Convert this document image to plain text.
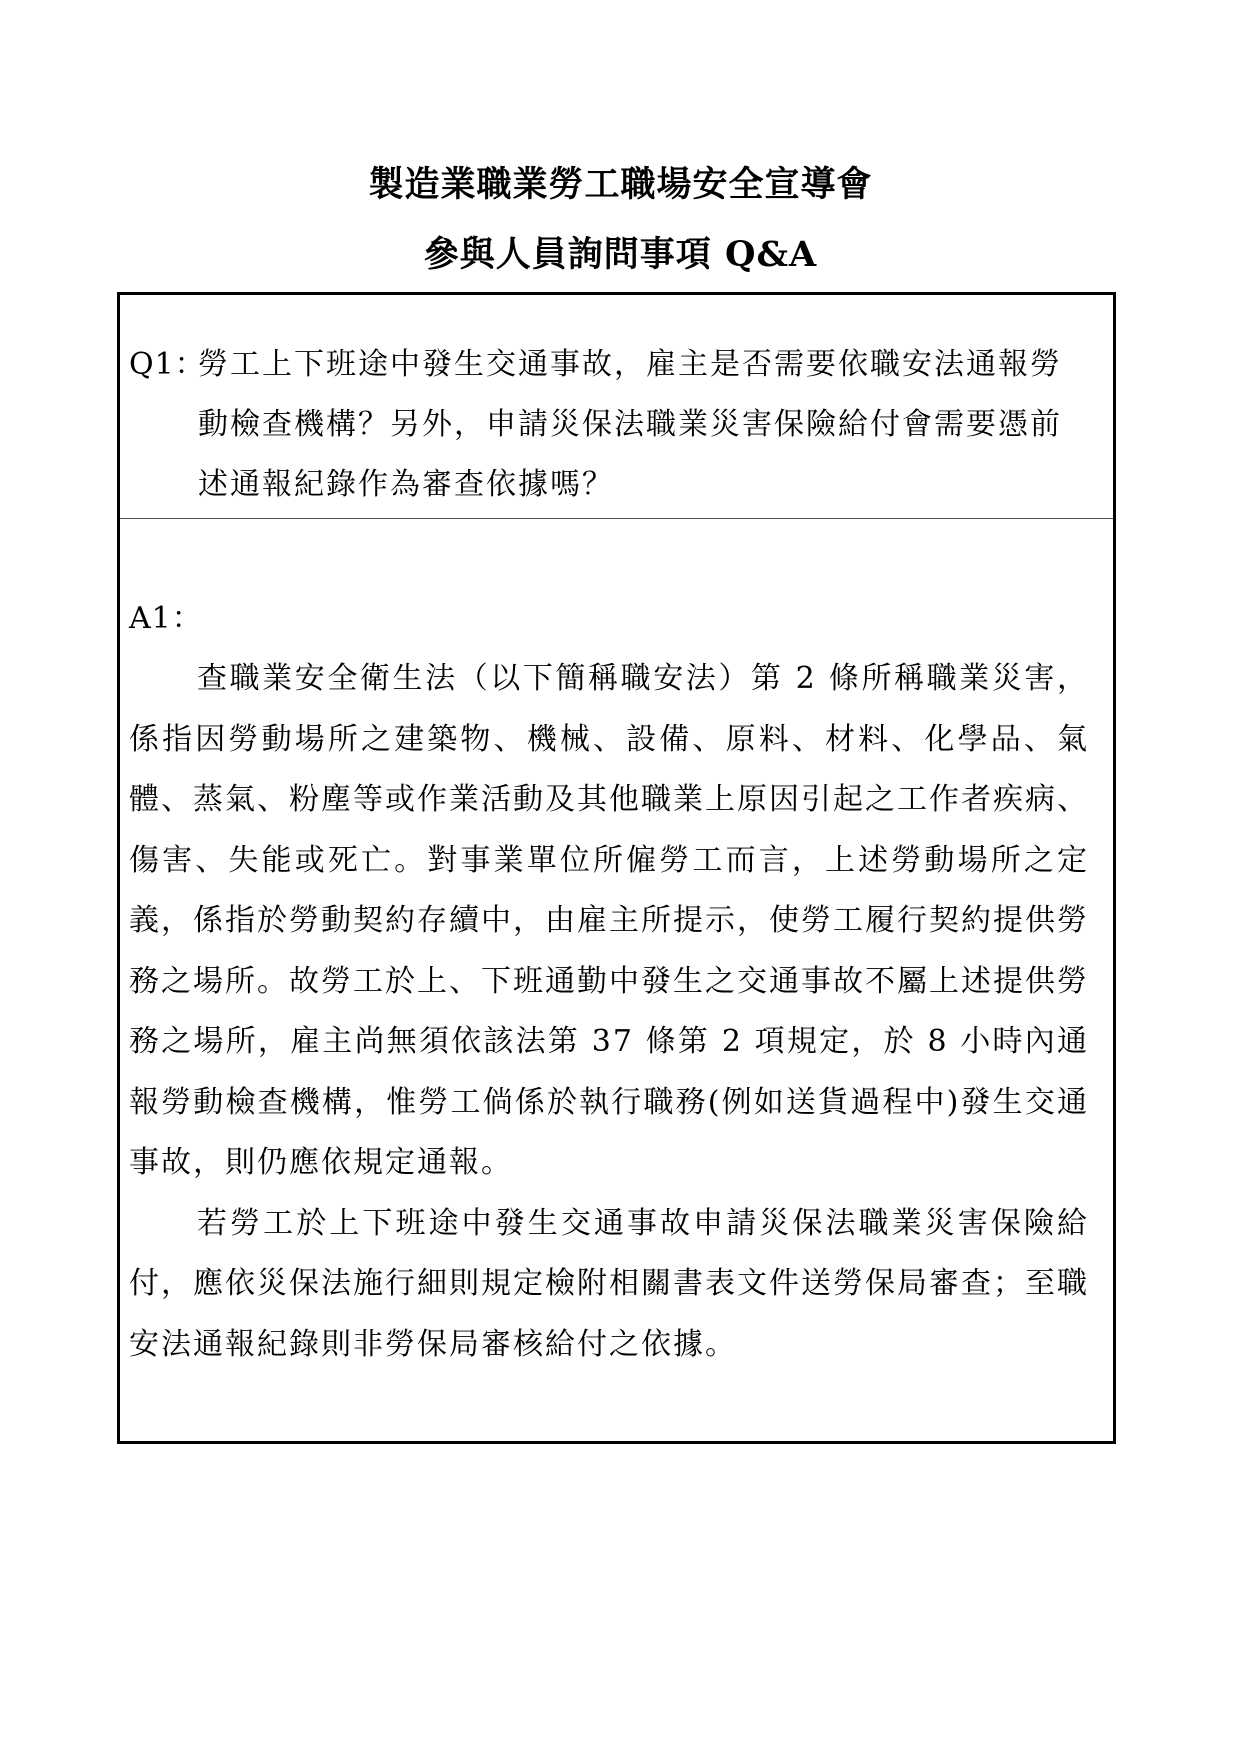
製造業職業勞工職場安全宣導會
參與人員詢問事項 Q&A
Q1：
勞工上下班途中發生交通事故，雇主是否需要依職安法通報勞動檢查機構？另外，申請災保法職業災害保險給付會需要憑前述通報紀錄作為審查依據嗎？
A1：

查職業安全衛生法（以下簡稱職安法）第 2 條所稱職業災害，係指因勞動場所之建築物、機械、設備、原料、材料、化學品、氣體、蒸氣、粉塵等或作業活動及其他職業上原因引起之工作者疾病、傷害、失能或死亡。對事業單位所僱勞工而言，上述勞動場所之定義，係指於勞動契約存續中，由雇主所提示，使勞工履行契約提供勞務之場所。故勞工於上、下班通勤中發生之交通事故不屬上述提供勞務之場所，雇主尚無須依該法第 37 條第 2 項規定，於 8 小時內通報勞動檢查機構，惟勞工倘係於執行職務(例如送貨過程中)發生交通事故，則仍應依規定通報。

若勞工於上下班途中發生交通事故申請災保法職業災害保險給付，應依災保法施行細則規定檢附相關書表文件送勞保局審查；至職安法通報紀錄則非勞保局審核給付之依據。
